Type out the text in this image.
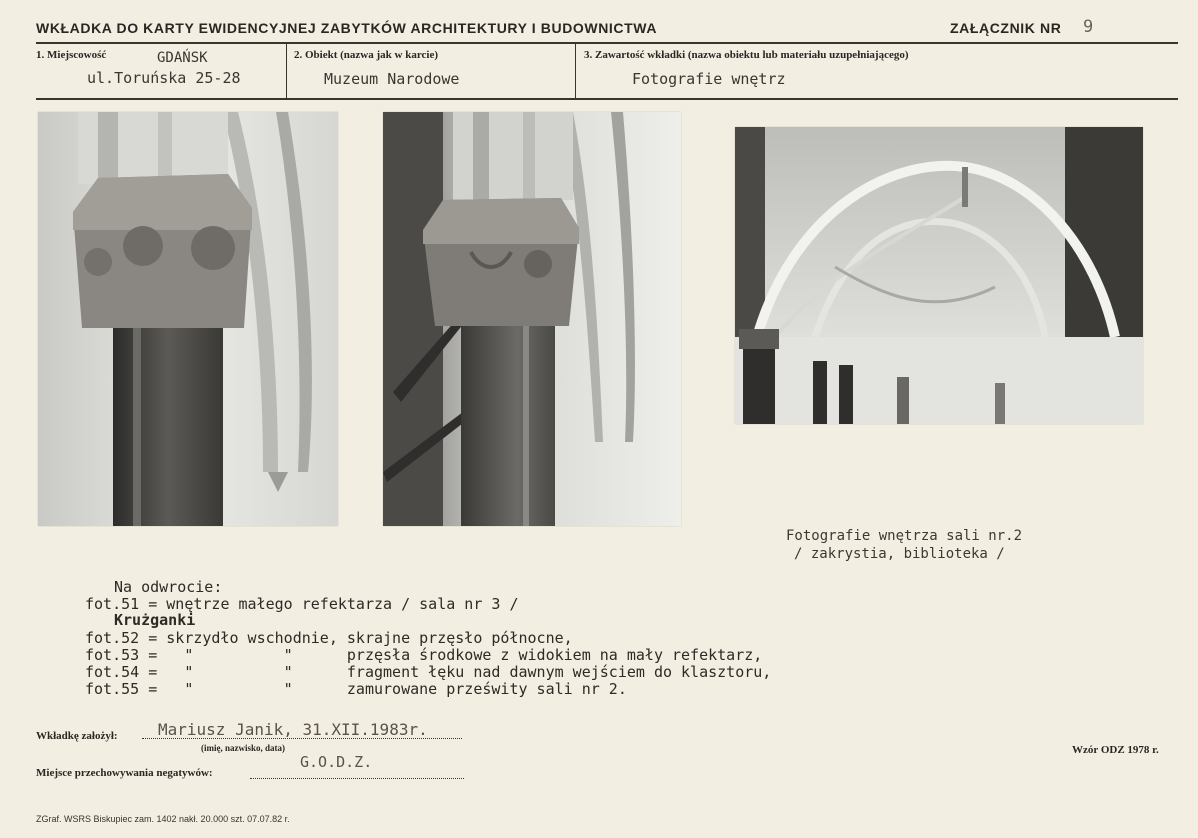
WKŁADKA DO KARTY EWIDENCYJNEJ ZABYTKÓW ARCHITEKTURY I BUDOWNICTWA	ZAŁĄCZNIK NR 9
1. Miejscowość	GDAŃSK
ul.Toruńska 25-28
2. Obiekt (nazwa jak w karcie)
Muzeum Narodowe
3. Zawartość wkładki (nazwa obiektu lub materiału uzupełniającego)
Fotografie wnętrz
Fotografie wnętrza sali nr.2
/ zakrystia, biblioteka /
Na odwrocie:
fot.51 = wnętrze małego refektarza / sala nr 3 /
Krużganki
fot.52 = skrzydło wschodnie, skrajne przęsło północne,
fot.53 =   "          "      przęsła środkowe z widokiem na mały refektarz,
fot.54 =   "          "      fragment łęku nad dawnym wejściem do klasztoru,
fot.55 =   "          "      zamurowane prześwity sali nr 2.
Wkładkę założył:	Mariusz Janik, 31.XII.1983r.
(imię, nazwisko, data)
Miejsce przechowywania negatywów:
G.O.D.Z.
Wzór ODZ 1978 r.
ZGraf. WSRS Biskupiec zam. 1402 nakł. 20.000 szt. 07.07.82 r.
